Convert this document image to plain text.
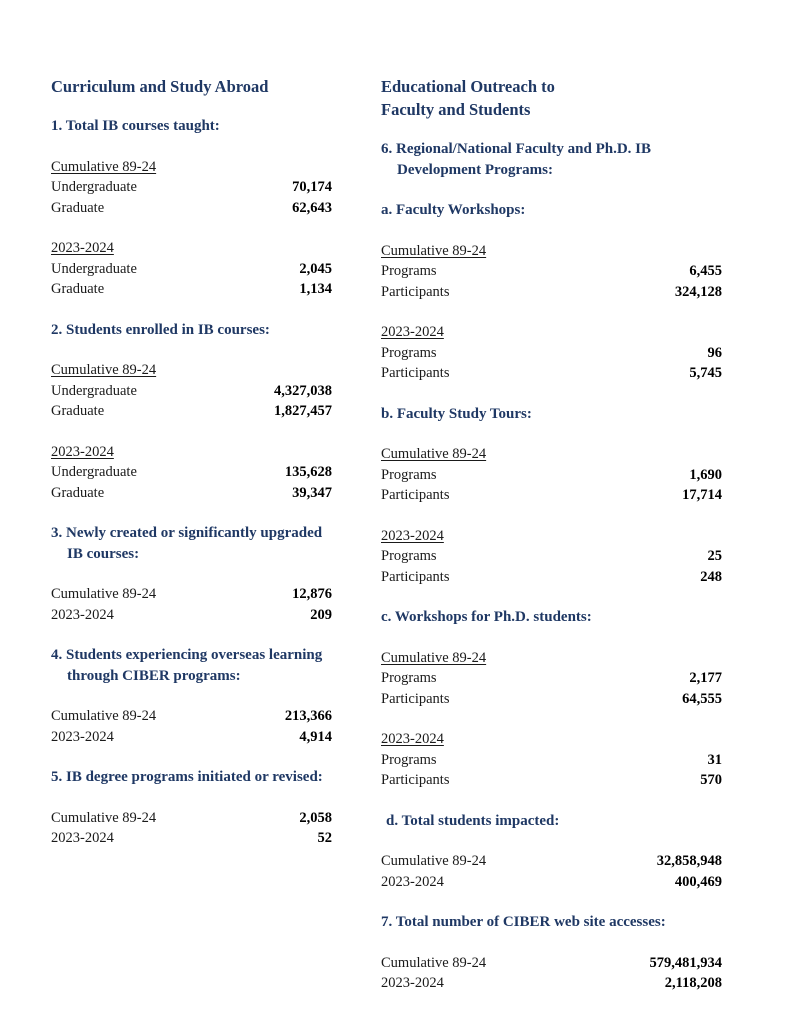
Curriculum and Study Abroad
1. Total IB courses taught:
Cumulative 89-24
Undergraduate	70,174
Graduate	62,643
2023-2024
Undergraduate	2,045
Graduate	1,134
2. Students enrolled in IB courses:
Cumulative 89-24
Undergraduate	4,327,038
Graduate	1,827,457
2023-2024
Undergraduate	135,628
Graduate	39,347
3. Newly created or significantly upgraded
IB courses:
Cumulative 89-24	12,876
2023-2024	209
4. Students experiencing overseas learning
through CIBER programs:
Cumulative 89-24	213,366
2023-2024	4,914
5. IB degree programs initiated or revised:
Cumulative 89-24	2,058
2023-2024	52
Educational Outreach to
Faculty and Students
6. Regional/National Faculty and Ph.D. IB
Development Programs:
a. Faculty Workshops:
Cumulative 89-24
Programs	6,455
Participants	324,128
2023-2024
Programs	96
Participants	5,745
b. Faculty Study Tours:
Cumulative 89-24
Programs	1,690
Participants	17,714
2023-2024
Programs	25
Participants	248
c. Workshops for Ph.D. students:
Cumulative 89-24
Programs	2,177
Participants	64,555
2023-2024
Programs	31
Participants	570
d. Total students impacted:
Cumulative 89-24	32,858,948
2023-2024	400,469
7. Total number of CIBER web site accesses:
Cumulative 89-24	579,481,934
2023-2024	2,118,208
